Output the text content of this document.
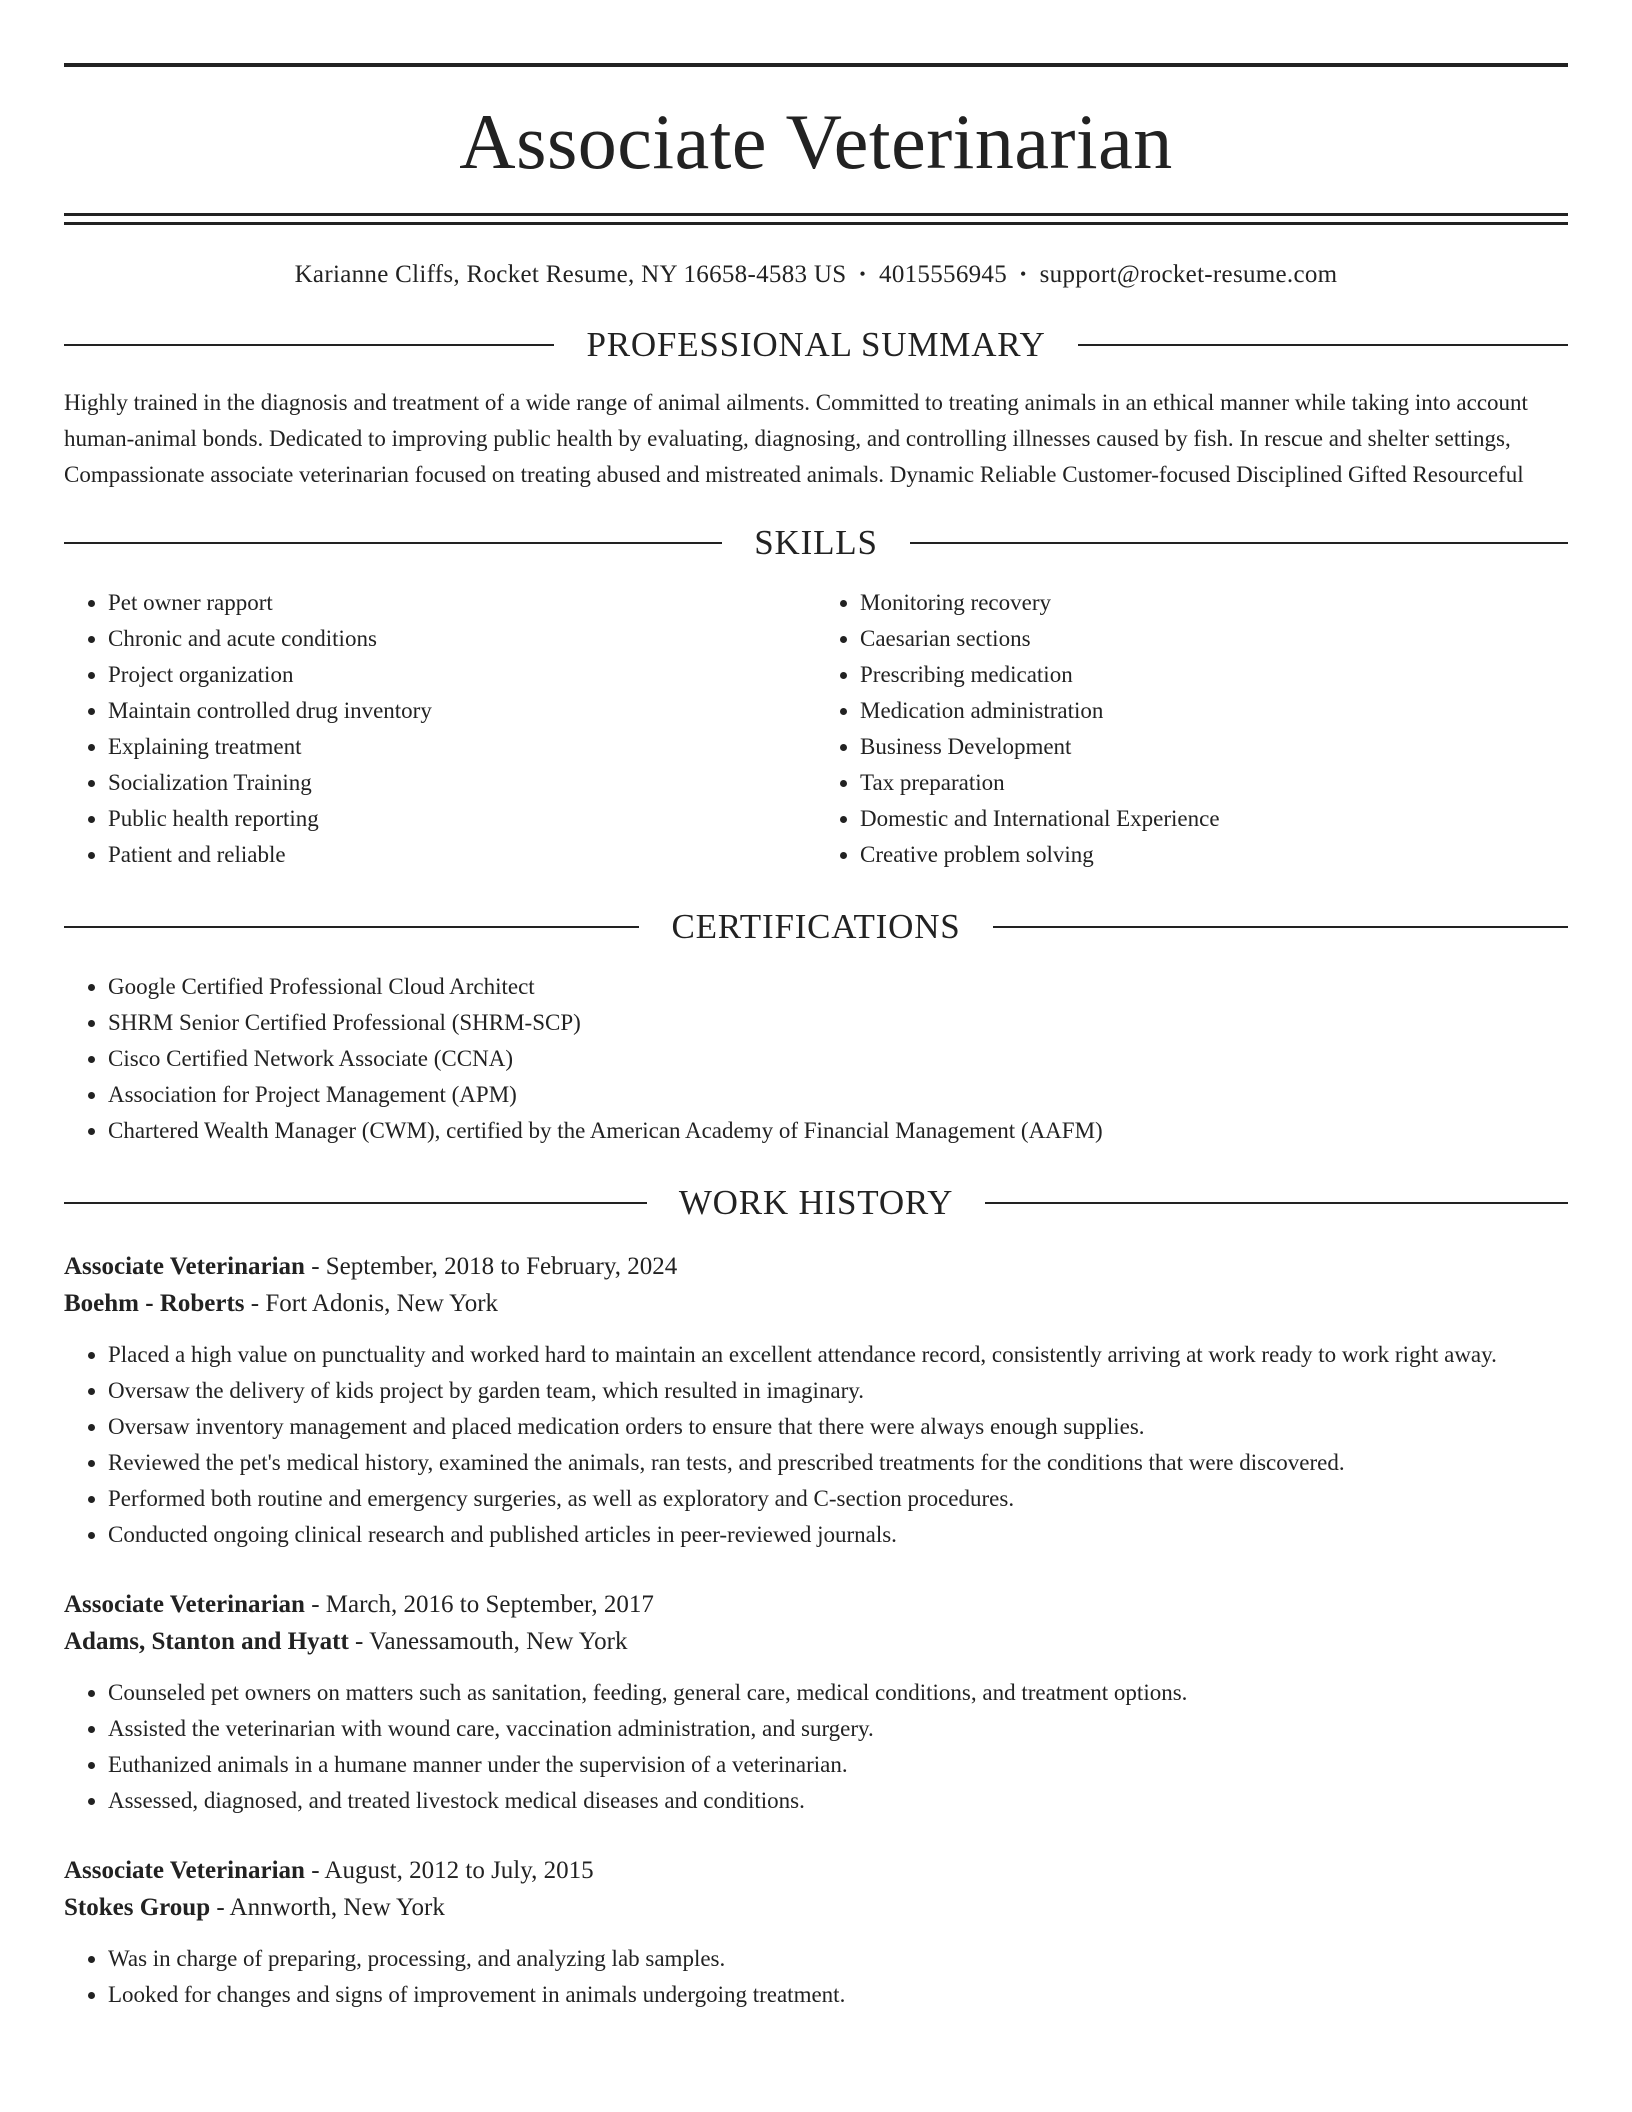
Associate Veterinarian
Karianne Cliffs, Rocket Resume, NY 16658-4583 US • 4015556945 • support@rocket-resume.com
PROFESSIONAL SUMMARY
Highly trained in the diagnosis and treatment of a wide range of animal ailments. Committed to treating animals in an ethical manner while taking into account human-animal bonds. Dedicated to improving public health by evaluating, diagnosing, and controlling illnesses caused by fish. In rescue and shelter settings, Compassionate associate veterinarian focused on treating abused and mistreated animals. Dynamic Reliable Customer-focused Disciplined Gifted Resourceful
SKILLS
• Pet owner rapport
• Chronic and acute conditions
• Project organization
• Maintain controlled drug inventory
• Explaining treatment
• Socialization Training
• Public health reporting
• Patient and reliable
• Monitoring recovery
• Caesarian sections
• Prescribing medication
• Medication administration
• Business Development
• Tax preparation
• Domestic and International Experience
• Creative problem solving
CERTIFICATIONS
• Google Certified Professional Cloud Architect
• SHRM Senior Certified Professional (SHRM-SCP)
• Cisco Certified Network Associate (CCNA)
• Association for Project Management (APM)
• Chartered Wealth Manager (CWM), certified by the American Academy of Financial Management (AAFM)
WORK HISTORY
Associate Veterinarian - September, 2018 to February, 2024
Boehm - Roberts - Fort Adonis, New York
• Placed a high value on punctuality and worked hard to maintain an excellent attendance record, consistently arriving at work ready to work right away.
• Oversaw the delivery of kids project by garden team, which resulted in imaginary.
• Oversaw inventory management and placed medication orders to ensure that there were always enough supplies.
• Reviewed the pet's medical history, examined the animals, ran tests, and prescribed treatments for the conditions that were discovered.
• Performed both routine and emergency surgeries, as well as exploratory and C-section procedures.
• Conducted ongoing clinical research and published articles in peer-reviewed journals.
Associate Veterinarian - March, 2016 to September, 2017
Adams, Stanton and Hyatt - Vanessamouth, New York
• Counseled pet owners on matters such as sanitation, feeding, general care, medical conditions, and treatment options.
• Assisted the veterinarian with wound care, vaccination administration, and surgery.
• Euthanized animals in a humane manner under the supervision of a veterinarian.
• Assessed, diagnosed, and treated livestock medical diseases and conditions.
Associate Veterinarian - August, 2012 to July, 2015
Stokes Group - Annworth, New York
• Was in charge of preparing, processing, and analyzing lab samples.
• Looked for changes and signs of improvement in animals undergoing treatment.
